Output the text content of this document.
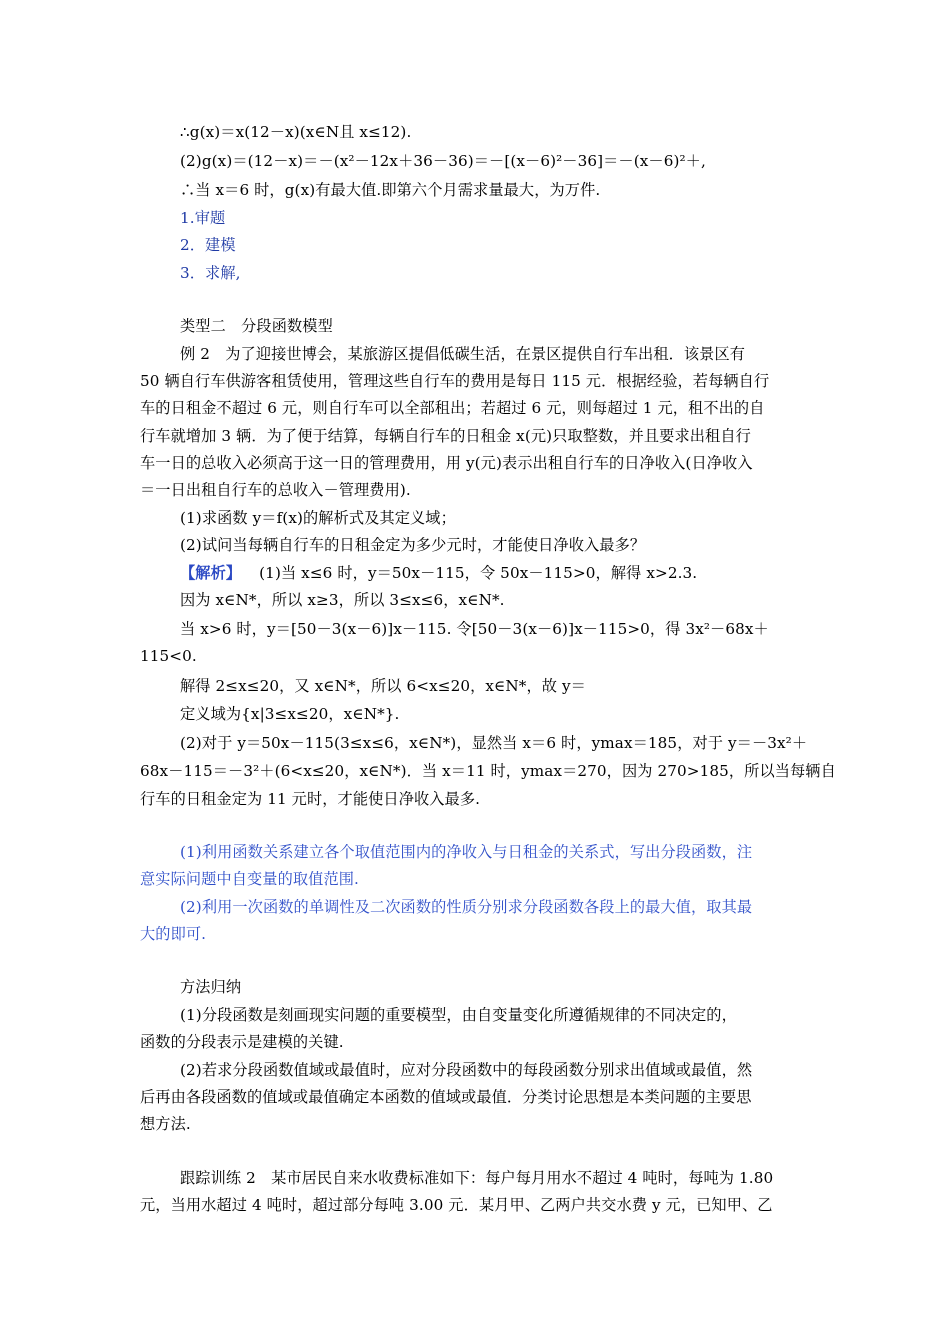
∴g(x)＝x(12－x)(x∈N且 x≤12).
(2)g(x)＝(12－x)＝－(x²－12x＋36－36)＝－[(x－6)²－36]＝－(x－6)²＋,
∴当 x＝6 时，g(x)有最大值.即第六个月需求量最大，为万件.
1.审题
2．建模
3．求解,
类型二　分段函数模型
例 2　为了迎接世博会，某旅游区提倡低碳生活，在景区提供自行车出租．该景区有
50 辆自行车供游客租赁使用，管理这些自行车的费用是每日 115 元．根据经验，若每辆自行
车的日租金不超过 6 元，则自行车可以全部租出；若超过 6 元，则每超过 1 元，租不出的自
行车就增加 3 辆．为了便于结算，每辆自行车的日租金 x(元)只取整数，并且要求出租自行
车一日的总收入必须高于这一日的管理费用，用 y(元)表示出租自行车的日净收入(日净收入
＝一日出租自行车的总收入－管理费用).
(1)求函数 y＝f(x)的解析式及其定义域；
(2)试问当每辆自行车的日租金定为多少元时，才能使日净收入最多？
【解析】 (1)当 x≤6 时，y＝50x－115，令 50x－115>0，解得 x>2.3.
因为 x∈N*，所以 x≥3，所以 3≤x≤6，x∈N*.
当 x>6 时，y＝[50－3(x－6)]x－115. 令[50－3(x－6)]x－115>0，得 3x²－68x＋
115<0.
解得 2≤x≤20，又 x∈N*，所以 6<x≤20，x∈N*，故 y＝
定义域为{x|3≤x≤20，x∈N*}.
(2)对于 y＝50x－115(3≤x≤6，x∈N*)，显然当 x＝6 时，ymax＝185，对于 y＝－3x²＋
68x－115＝－3²＋(6<x≤20，x∈N*)．当 x＝11 时，ymax＝270，因为 270>185，所以当每辆自
行车的日租金定为 11 元时，才能使日净收入最多.
(1)利用函数关系建立各个取值范围内的净收入与日租金的关系式，写出分段函数，注
意实际问题中自变量的取值范围.
(2)利用一次函数的单调性及二次函数的性质分别求分段函数各段上的最大值，取其最
大的即可.
方法归纳
(1)分段函数是刻画现实问题的重要模型，由自变量变化所遵循规律的不同决定的，
函数的分段表示是建模的关键.
(2)若求分段函数值域或最值时，应对分段函数中的每段函数分别求出值域或最值，然
后再由各段函数的值域或最值确定本函数的值域或最值．分类讨论思想是本类问题的主要思
想方法.
跟踪训练 2　某市居民自来水收费标准如下：每户每月用水不超过 4 吨时，每吨为 1.80
元，当用水超过 4 吨时，超过部分每吨 3.00 元．某月甲、乙两户共交水费 y 元，已知甲、乙
